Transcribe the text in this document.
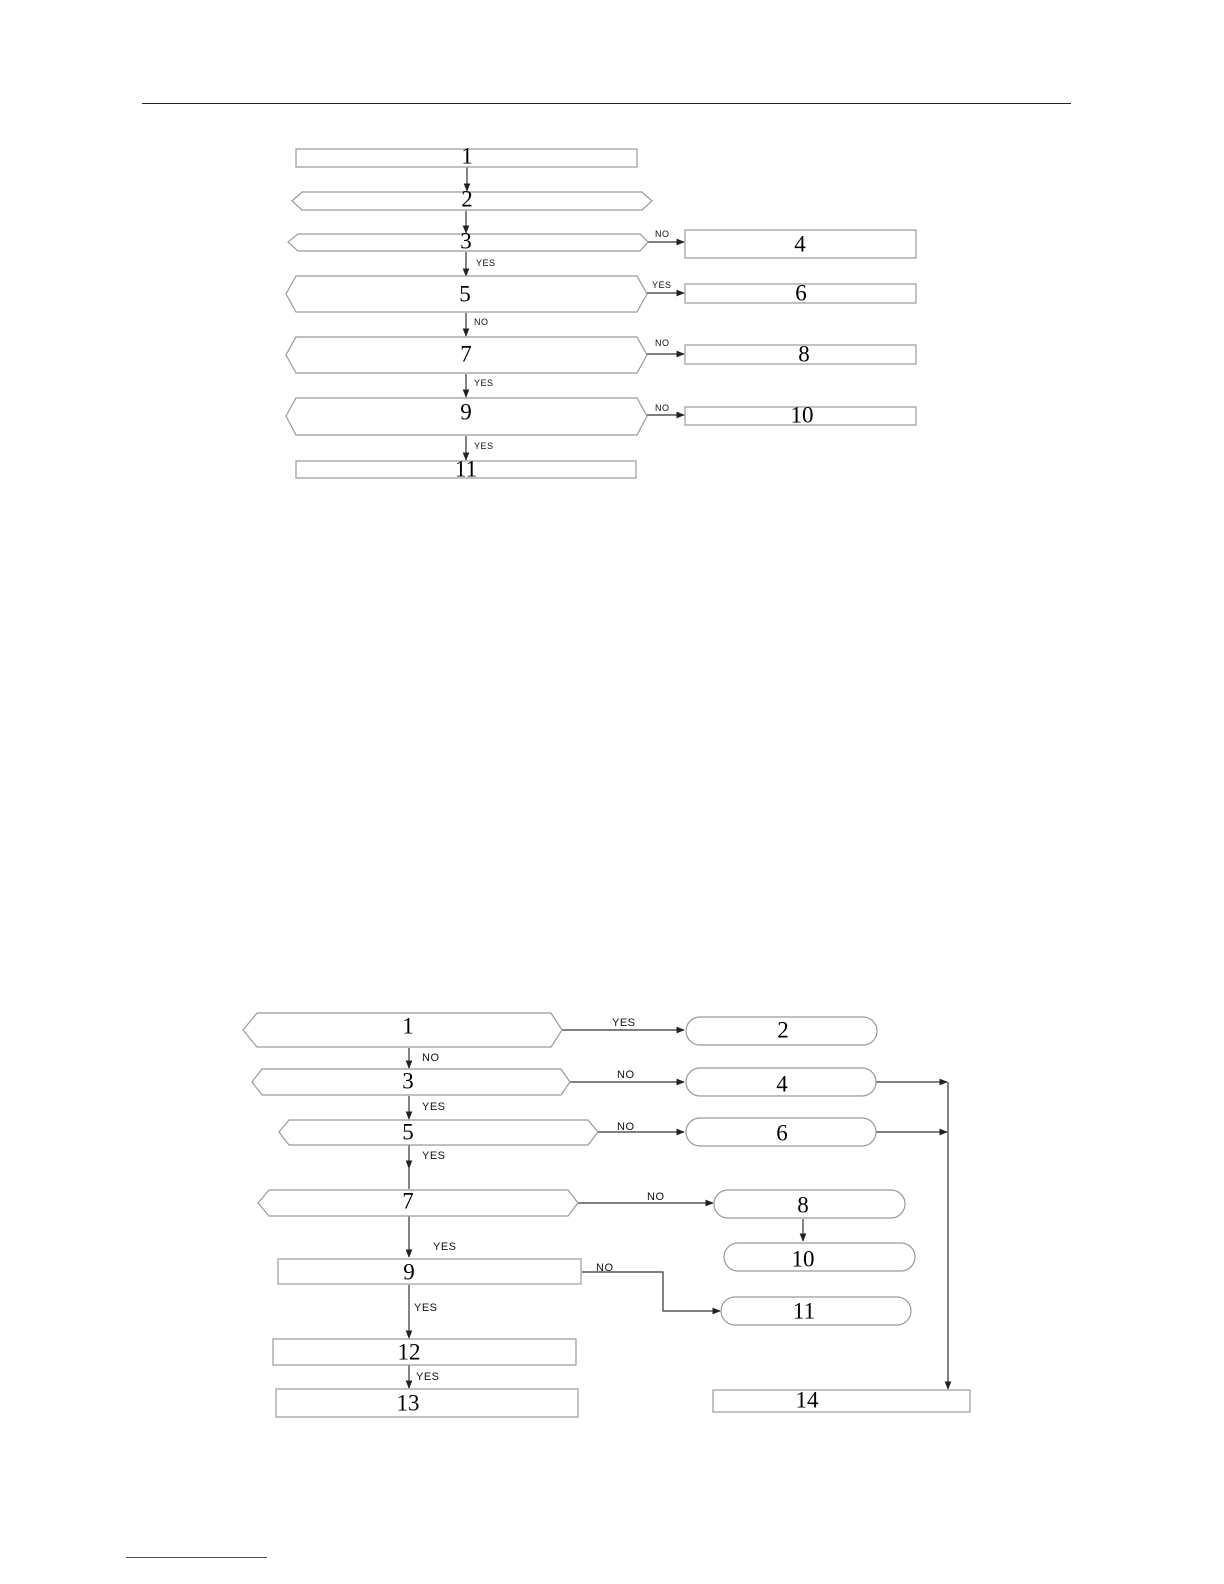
1
2
3	4
5	6
7	8
9	10
11
NO
YES
YES
NO
NO
YES
NO
YES
1	2
3	4
5	6
7	8
9
10
11
12
13	14
YES
NO
NO
YES
NO
YES
NO
YES
NO
YES
YES
